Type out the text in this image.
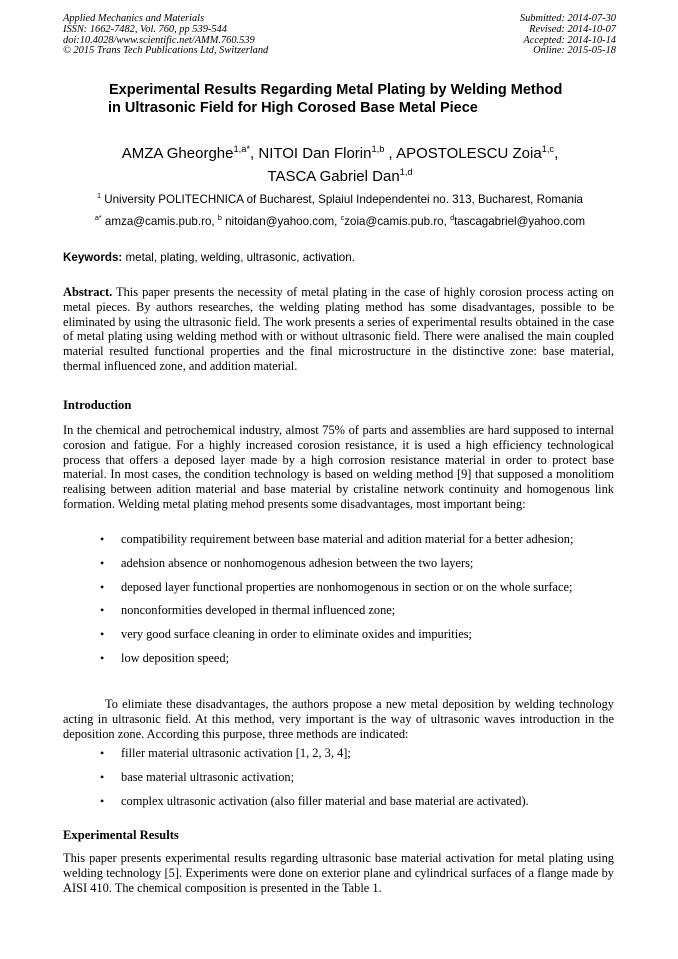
Applied Mechanics and Materials
ISSN: 1662-7482, Vol. 760, pp 539-544
doi:10.4028/www.scientific.net/AMM.760.539
© 2015 Trans Tech Publications Ltd, Switzerland
Submitted: 2014-07-30
Revised: 2014-10-07
Accepted: 2014-10-14
Online: 2015-05-18
Experimental Results Regarding Metal Plating by Welding Method
in Ultrasonic Field for High Corosed Base Metal Piece
AMZA Gheorghe$^{1,a*}$, NITOI Dan Florin$^{1,b}$ , APOSTOLESCU Zoia$^{1,c}$,
TASCA Gabriel Dan$^{1,d}$
$^1$ University POLITECHNICA of Bucharest, Splaiul Independentei no. 313, Bucharest, Romania
$^{a*}$ amza@camis.pub.ro, $^b$ nitoidan@yahoo.com, $^c$zoia@camis.pub.ro, $^d$tascagabriel@yahoo.com
Keywords: metal, plating, welding, ultrasonic, activation.
Abstract. This paper presents the necessity of metal plating in the case of highly corosion process acting on metal pieces. By authors researches, the welding plating method has some disadvantages, possible to be eliminated by using the ultrasonic field. The work presents a series of experimental results obtained in the case of metal plating using welding method with or without ultrasonic field. There were analised the main coupled material resulted functional properties and the final microstructure in the distinctive zone: base material, thermal influenced zone, and addition material.
Introduction
In the chemical and petrochemical industry, almost 75% of parts and assemblies are hard supposed to internal corosion and fatigue. For a highly increased corosion resistance, it is used a high efficiency technological process that offers a deposed layer made by a high corrosion resistance material in order to protect base material. In most cases, the condition technology is based on welding method [9] that supposed a monolitiom realising between adition material and base material by cristaline network continuity and homogenous link formation. Welding metal plating mehod presents some disadvantages, most important being:
• compatibility requirement between base material and adition material for a better adhesion;
• adehsion absence or nonhomogenous adhesion between the two layers;
• deposed layer functional properties are nonhomogenous in section or on the whole surface;
• nonconformities developed in thermal influenced zone;
• very good surface cleaning in order to eliminate oxides and impurities;
• low deposition speed;
To elimiate these disadvantages, the authors propose a new metal deposition by welding technology acting in ultrasonic field. At this method, very important is the way of ultrasonic waves introduction in the deposition zone. According this purpose, three methods are indicated:
• filler material ultrasonic activation [1, 2, 3, 4];
• base material ultrasonic activation;
• complex ultrasonic activation (also filler material and base material are activated).
Experimental Results
This paper presents experimental results regarding ultrasonic base material activation for metal plating using welding technology [5]. Experiments were done on exterior plane and cylindrical surfaces of a flange made by AISI 410. The chemical composition is presented in the Table 1.
